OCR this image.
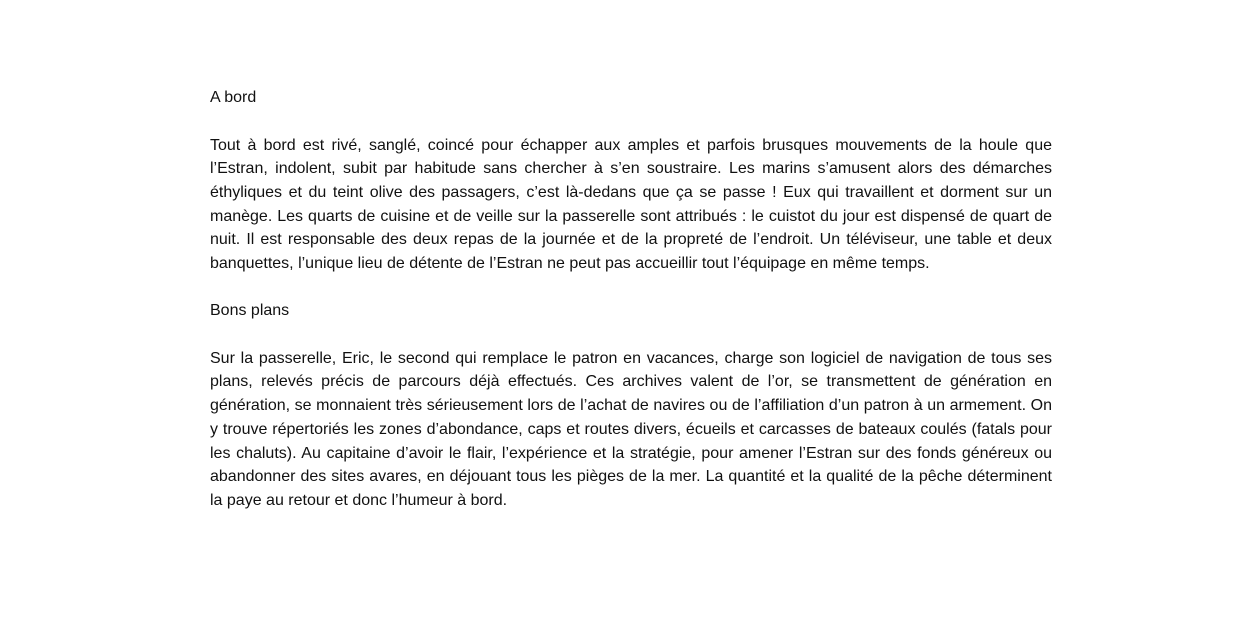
A bord

Tout à bord est rivé, sanglé, coincé pour échapper aux amples et parfois brusques mouvements de la houle que l’Estran, indolent, subit par habitude sans chercher à s’en soustraire. Les marins s’amusent alors des démarches éthyliques et du teint olive des passagers, c’est là-dedans que ça se passe ! Eux qui travaillent et dorment sur un manège. Les quarts de cuisine et de veille sur la passerelle sont attribués : le cuistot du jour est dispensé de quart de nuit. Il est responsable des deux repas de la journée et de la propreté de l’endroit. Un téléviseur, une table et deux banquettes, l’unique lieu de détente de l’Estran ne peut pas accueillir tout l’équipage en même temps.

Bons plans

Sur la passerelle, Eric, le second qui remplace le patron en vacances, charge son logiciel de navigation de tous ses plans, relevés précis de parcours déjà effectués. Ces archives valent de l’or, se transmettent de génération en génération, se monnaient très sérieusement lors de l’achat de navires ou de l’affiliation d’un patron à un armement. On y trouve répertoriés les zones d’abondance, caps et routes divers, écueils et carcasses de bateaux coulés (fatals pour les chaluts). Au capitaine d’avoir le flair, l’expérience et la stratégie, pour amener l’Estran sur des fonds généreux ou abandonner des sites avares, en déjouant tous les pièges de la mer. La quantité et la qualité de la pêche déterminent la paye au retour et donc l’humeur à bord.
